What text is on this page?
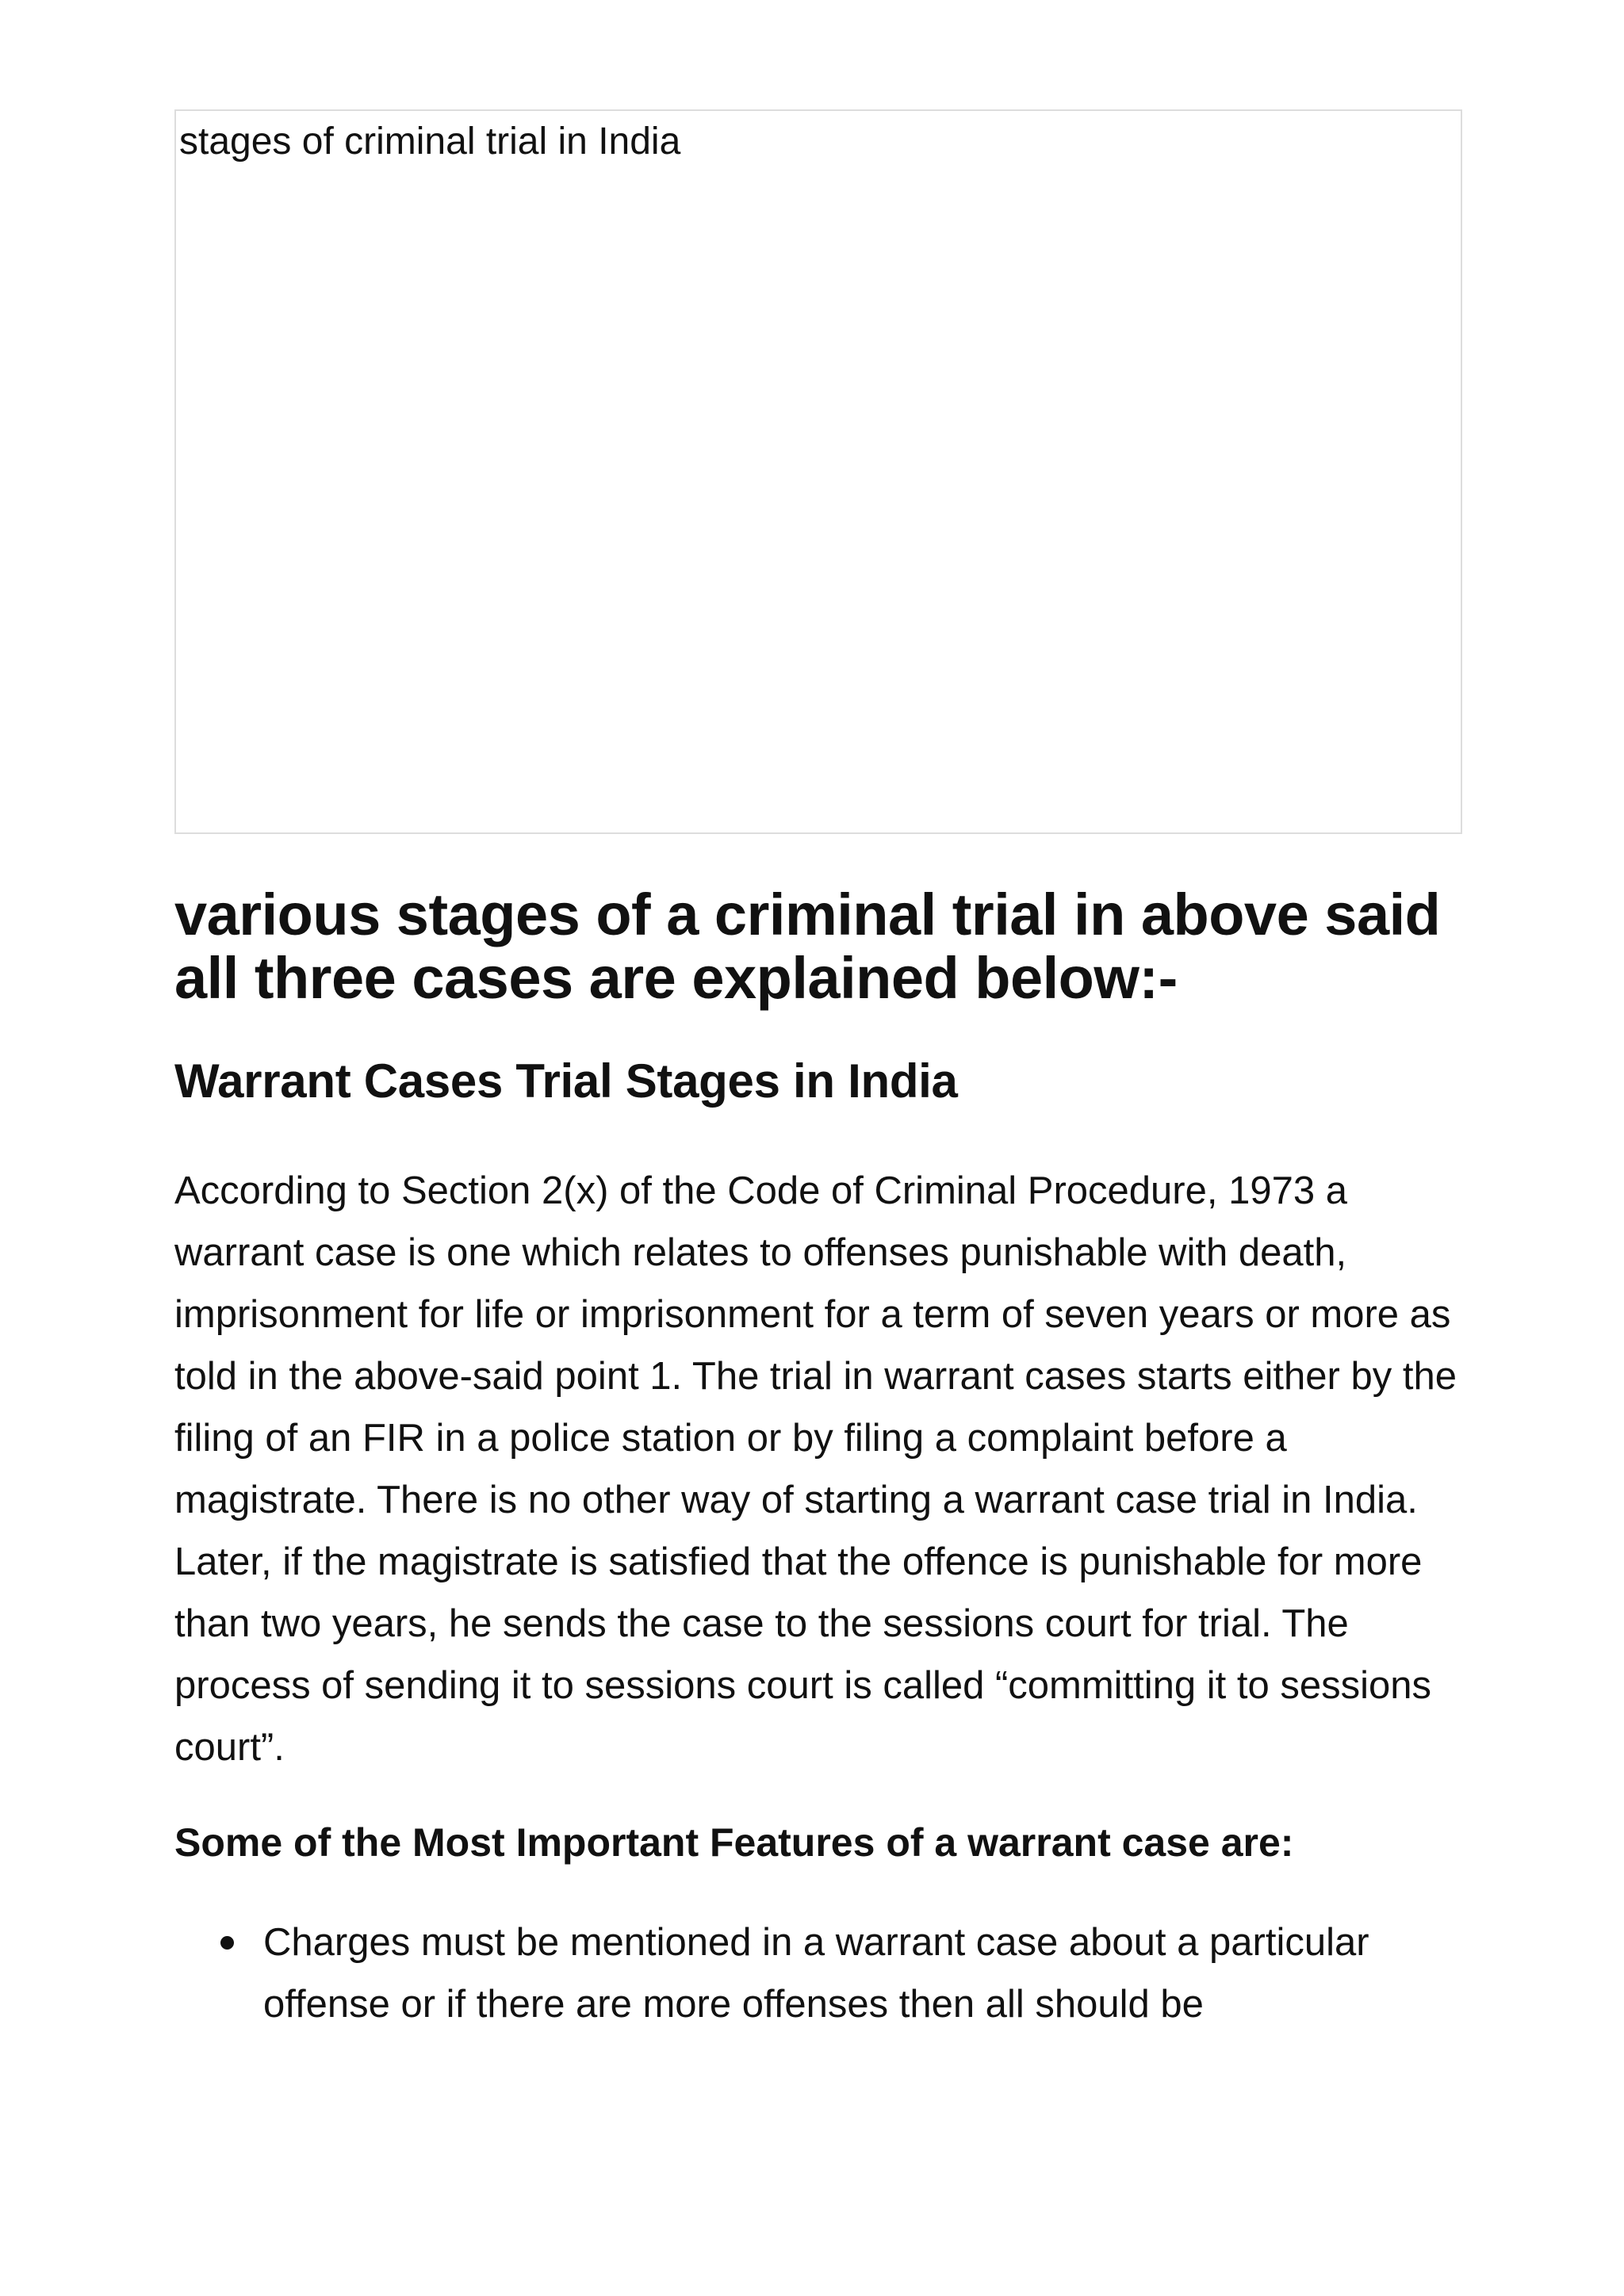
stages of criminal trial in India
various stages of a criminal trial in above said all three cases are explained below:-
Warrant Cases Trial Stages in India

According to Section 2(x) of the Code of Criminal Procedure, 1973 a warrant case is one which relates to offenses punishable with death, imprisonment for life or imprisonment for a term of seven years or more as told in the above-said point 1. The trial in warrant cases starts either by the filing of an FIR in a police station or by filing a complaint before a magistrate. There is no other way of starting a warrant case trial in India. Later, if the magistrate is satisfied that the offence is punishable for more than two years, he sends the case to the sessions court for trial. The process of sending it to sessions court is called “committing it to sessions court”.

Some of the Most Important Features of a warrant case are:

Charges must be mentioned in a warrant case about a particular offense or if there are more offenses then all should be
